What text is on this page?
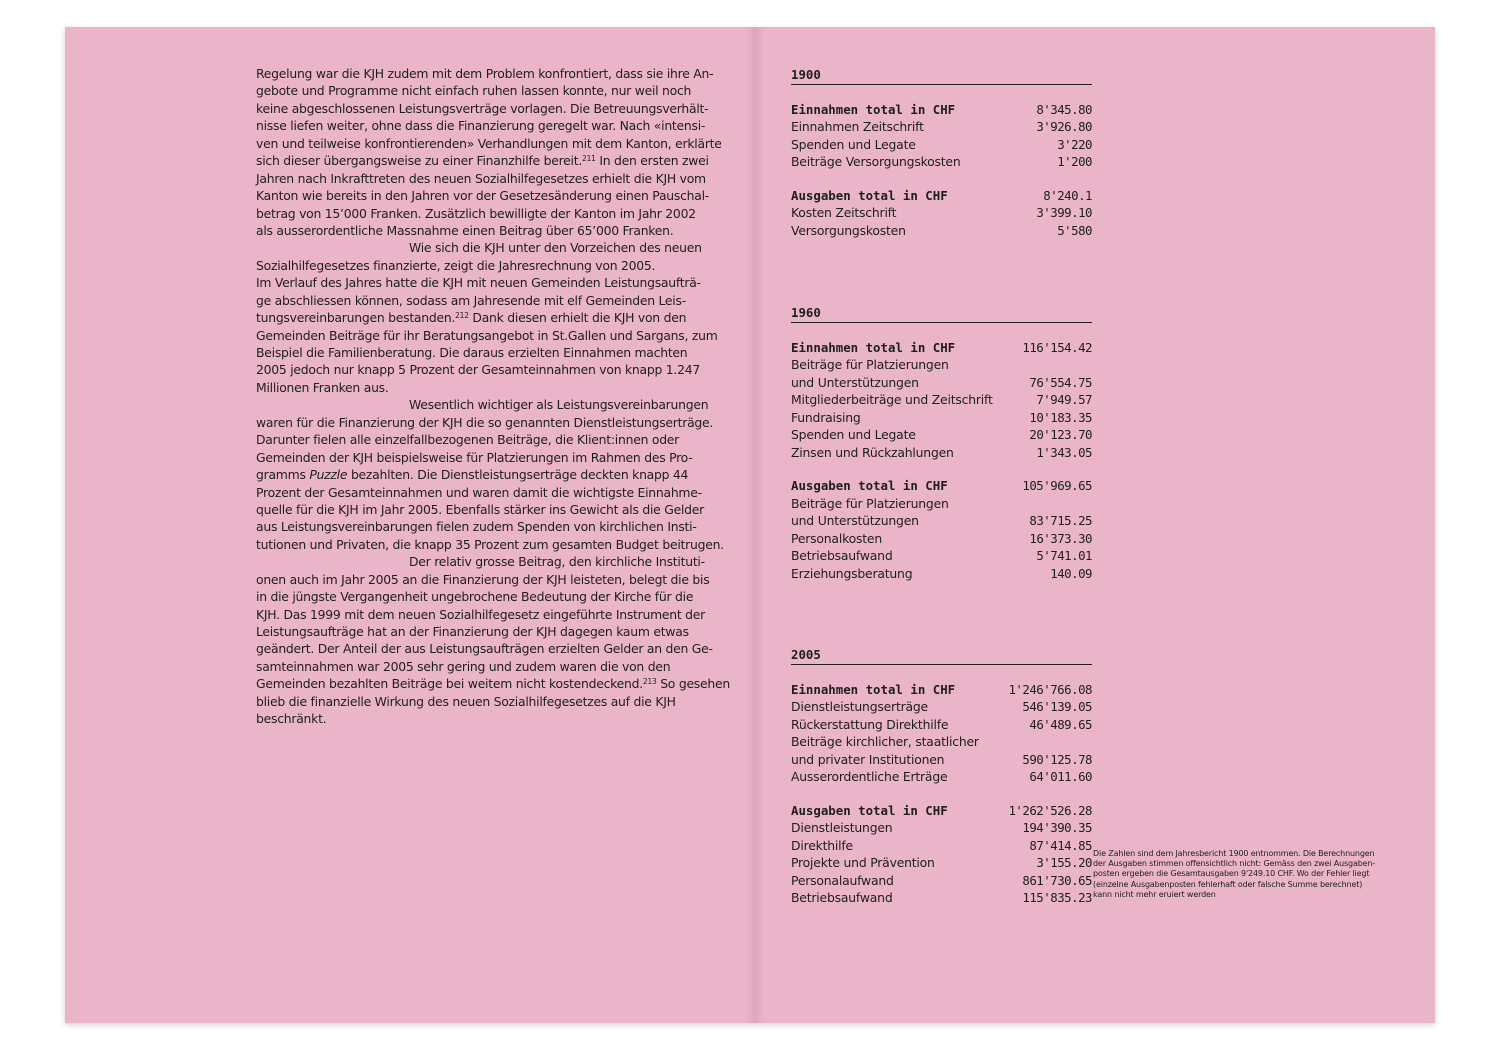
Regelung war die KJH zudem mit dem Problem konfrontiert, dass sie ihre An-
gebote und Programme nicht einfach ruhen lassen konnte, nur weil noch
keine abgeschlossenen Leistungsverträge vorlagen. Die Betreuungsverhält-
nisse liefen weiter, ohne dass die Finanzierung geregelt war. Nach «intensi-
ven und teilweise konfrontierenden» Verhandlungen mit dem Kanton, erklärte
sich dieser übergangsweise zu einer Finanzhilfe bereit.$^{211}$ In den ersten zwei
Jahren nach Inkrafttreten des neuen Sozialhilfegesetzes erhielt die KJH vom
Kanton wie bereits in den Jahren vor der Gesetzesänderung einen Pauschal-
betrag von 15’000 Franken. Zusätzlich bewilligte der Kanton im Jahr 2002
als ausserordentliche Massnahme einen Beitrag über 65’000 Franken.
Wie sich die KJH unter den Vorzeichen des neuen
Sozialhilfegesetzes finanzierte, zeigt die Jahresrechnung von 2005.
Im Verlauf des Jahres hatte die KJH mit neuen Gemeinden Leistungsaufträ-
ge abschliessen können, sodass am Jahresende mit elf Gemeinden Leis-
tungsvereinbarungen bestanden.$^{212}$ Dank diesen erhielt die KJH von den
Gemeinden Beiträge für ihr Beratungsangebot in St.Gallen und Sargans, zum
Beispiel die Familienberatung. Die daraus erzielten Einnahmen machten
2005 jedoch nur knapp 5 Prozent der Gesamteinnahmen von knapp 1.247
Millionen Franken aus.
Wesentlich wichtiger als Leistungsvereinbarungen
waren für die Finanzierung der KJH die so genannten Dienstleistungserträge.
Darunter fielen alle einzelfallbezogenen Beiträge, die Klient:innen oder
Gemeinden der KJH beispielsweise für Platzierungen im Rahmen des Pro-
gramms Puzzle bezahlten. Die Dienstleistungserträge deckten knapp 44
Prozent der Gesamteinnahmen und waren damit die wichtigste Einnahme-
quelle für die KJH im Jahr 2005. Ebenfalls stärker ins Gewicht als die Gelder
aus Leistungsvereinbarungen fielen zudem Spenden von kirchlichen Insti-
tutionen und Privaten, die knapp 35 Prozent zum gesamten Budget beitrugen.
Der relativ grosse Beitrag, den kirchliche Instituti-
onen auch im Jahr 2005 an die Finanzierung der KJH leisteten, belegt die bis
in die jüngste Vergangenheit ungebrochene Bedeutung der Kirche für die
KJH. Das 1999 mit dem neuen Sozialhilfegesetz eingeführte Instrument der
Leistungsaufträge hat an der Finanzierung der KJH dagegen kaum etwas
geändert. Der Anteil der aus Leistungsaufträgen erzielten Gelder an den Ge-
samteinnahmen war 2005 sehr gering und zudem waren die von den
Gemeinden bezahlten Beiträge bei weitem nicht kostendeckend.$^{213}$ So gesehen
blieb die finanzielle Wirkung des neuen Sozialhilfegesetzes auf die KJH
beschränkt.
1900
Einnahmen total in CHF	8'345.80
Einnahmen Zeitschrift	3'926.80
Spenden und Legate	3'220
Beiträge Versorgungskosten	1'200
Ausgaben total in CHF	8'240.1
Kosten Zeitschrift	3'399.10
Versorgungskosten	5'580
1960
Einnahmen total in CHF	116'154.42
Beiträge für Platzierungen
und Unterstützungen	76'554.75
Mitgliederbeiträge und Zeitschrift	7'949.57
Fundraising	10'183.35
Spenden und Legate	20'123.70
Zinsen und Rückzahlungen	1'343.05
Ausgaben total in CHF	105'969.65
Beiträge für Platzierungen
und Unterstützungen	83'715.25
Personalkosten	16'373.30
Betriebsaufwand	5'741.01
Erziehungsberatung	140.09
2005
Einnahmen total in CHF	1'246'766.08
Dienstleistungserträge	546'139.05
Rückerstattung Direkthilfe	46'489.65
Beiträge kirchlicher, staatlicher
und privater Institutionen	590'125.78
Ausserordentliche Erträge	64'011.60
Ausgaben total in CHF	1'262'526.28
Dienstleistungen	194'390.35
Direkthilfe	87'414.85
Projekte und Prävention	3'155.20
Personalaufwand	861'730.65
Betriebsaufwand	115'835.23
Die Zahlen sind dem Jahresbericht 1900 entnommen. Die Berechnungen
der Ausgaben stimmen offensichtlich nicht: Gemäss den zwei Ausgaben-
posten ergeben die Gesamtausgaben 9'249.10 CHF. Wo der Fehler liegt
(einzelne Ausgabenposten fehlerhaft oder falsche Summe berechnet)
kann nicht mehr eruiert werden
